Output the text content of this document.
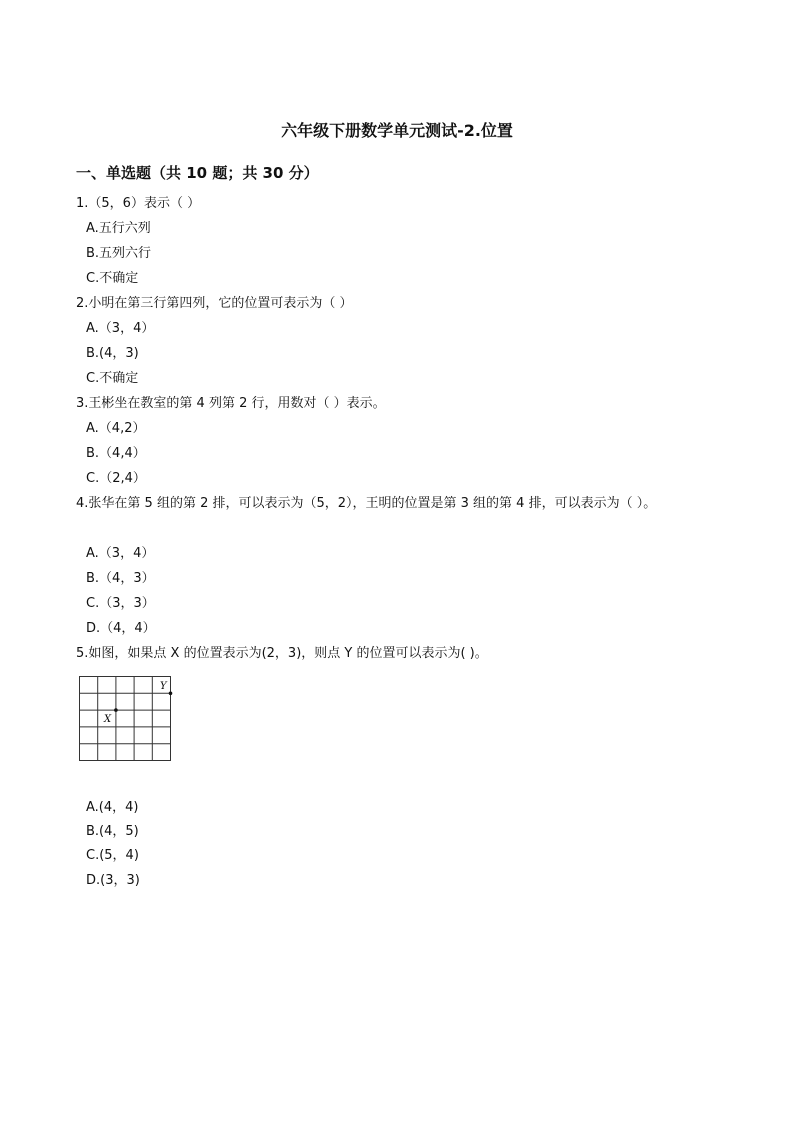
六年级下册数学单元测试-2.位置
一、单选题（共 10 题；共 30 分）
1.（5，6）表示（ ）
A.五行六列
B.五列六行
C.不确定
2.小明在第三行第四列，它的位置可表示为（ ）
A.（3，4）
B.(4，3)
C.不确定
3.王彬坐在教室的第 4 列第 2 行，用数对（ ）表示。
A.（4,2）
B.（4,4）
C.（2,4）
4.张华在第 5 组的第 2 排，可以表示为（5，2），王明的位置是第 3 组的第 4 排，可以表示为（ ）。
A.（3，4）
B.（4，3）
C.（3，3）
D.（4，4）
5.如图，如果点 X 的位置表示为(2，3)，则点 Y 的位置可以表示为( )。
X
Y
A.(4，4)
B.(4，5)
C.(5，4)
D.(3，3)
